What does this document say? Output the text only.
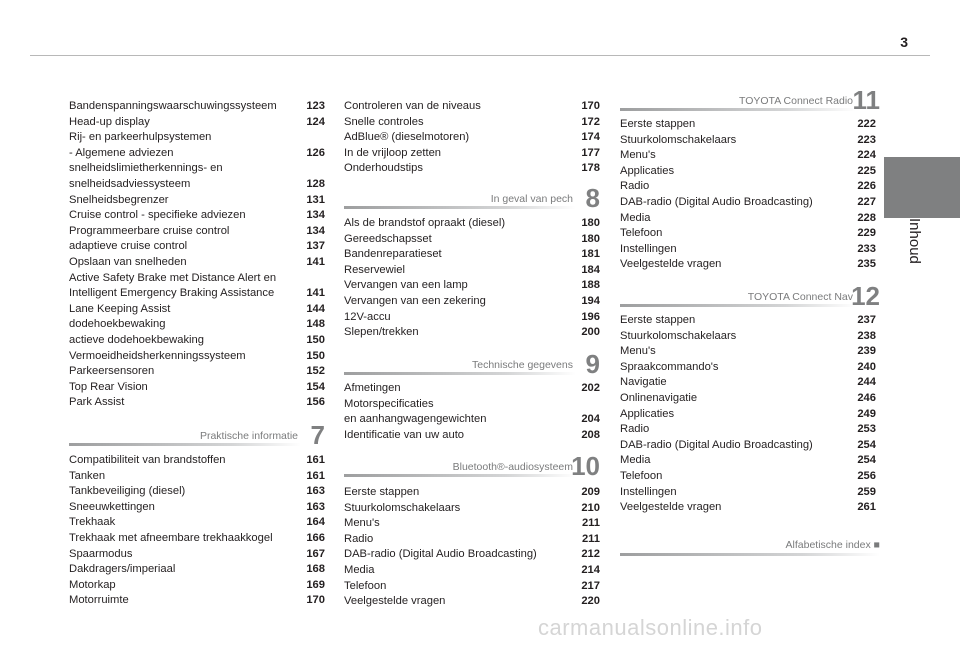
3
Inhoud
Bandenspanningswaarschuwingssysteem	123
Head-up display	124
Rij- en parkeerhulpsystemen
- Algemene adviezen	126
snelheidslimietherkennings- en
snelheidsadviessysteem	128
Snelheidsbegrenzer	131
Cruise control - specifieke adviezen	134
Programmeerbare cruise control	134
adaptieve cruise control	137
Opslaan van snelheden	141
Active Safety Brake met Distance Alert en
Intelligent Emergency Braking Assistance	141
Lane Keeping Assist	144
dodehoekbewaking	148
actieve dodehoekbewaking	150
Vermoeidheidsherkenningssysteem	150
Parkeersensoren	152
Top Rear Vision	154
Park Assist	156
Praktische informatie 7
Compatibiliteit van brandstoffen	161
Tanken	161
Tankbeveiliging (diesel)	163
Sneeuwkettingen	163
Trekhaak	164
Trekhaak met afneembare trekhaakkogel	166
Spaarmodus	167
Dakdragers/imperiaal	168
Motorkap	169
Motorruimte	170
Controleren van de niveaus	170
Snelle controles	172
AdBlue® (dieselmotoren)	174
In de vrijloop zetten	177
Onderhoudstips	178
In geval van pech 8
Als de brandstof opraakt (diesel)	180
Gereedschapsset	180
Bandenreparatieset	181
Reservewiel	184
Vervangen van een lamp	188
Vervangen van een zekering	194
12V-accu	196
Slepen/trekken	200
Technische gegevens 9
Afmetingen	202
Motorspecificaties
en aanhangwagengewichten	204
Identificatie van uw auto	208
Bluetooth®-audiosysteem
10
Eerste stappen	209
Stuurkolomschakelaars	210
Menu's	211
Radio	211
DAB-radio (Digital Audio Broadcasting)	212
Media	214
Telefoon	217
Veelgestelde vragen	220
TOYOTA Connect Radio 11
Eerste stappen	222
Stuurkolomschakelaars	223
Menu's	224
Applicaties	225
Radio	226
DAB-radio (Digital Audio Broadcasting)	227
Media	228
Telefoon	229
Instellingen	233
Veelgestelde vragen	235
TOYOTA Connect Nav
12
Eerste stappen	237
Stuurkolomschakelaars	238
Menu's	239
Spraakcommando's	240
Navigatie	244
Onlinenavigatie	246
Applicaties	249
Radio	253
DAB-radio (Digital Audio Broadcasting)	254
Media	254
Telefoon	256
Instellingen	259
Veelgestelde vragen	261
Alfabetische index ■
carmanualsonline.info
